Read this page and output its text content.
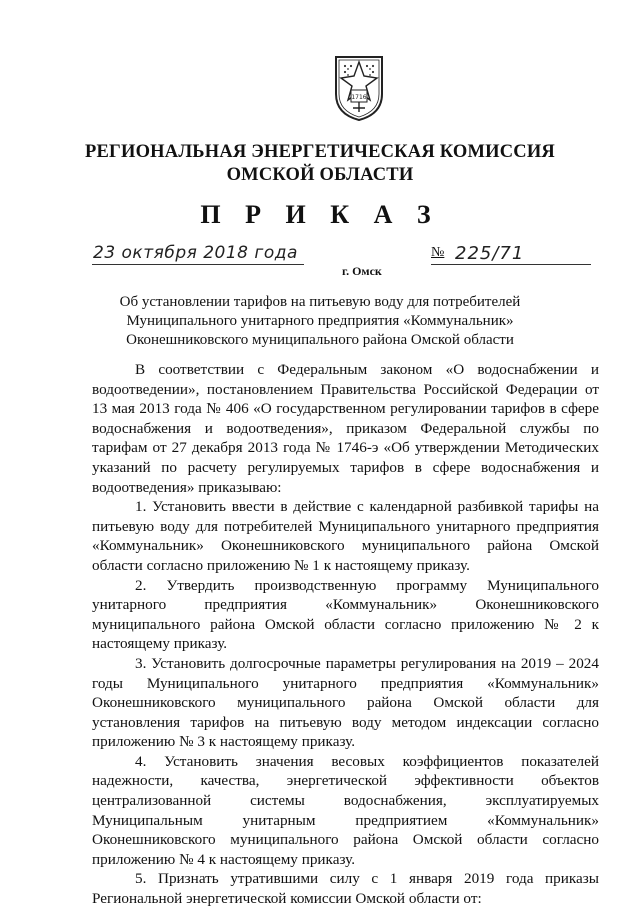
1716
РЕГИОНАЛЬНАЯ ЭНЕРГЕТИЧЕСКАЯ КОМИССИЯ
ОМСКОЙ ОБЛАСТИ
П Р И К А З
23 октября 2018 года	№ 225/71
г. Омск
Об установлении тарифов на питьевую воду для потребителей
Муниципального унитарного предприятия «Коммунальник»
Оконешниковского муниципального района Омской области

В соответствии с Федеральным законом «О водоснабжении и водоотведении», постановлением Правительства Российской Федерации от 13 мая 2013 года № 406 «О государственном регулировании тарифов в сфере водоснабжения и водоотведения», приказом Федеральной службы по тарифам от 27 декабря 2013 года № 1746-э «Об утверждении Методических указаний по расчету регулируемых тарифов в сфере водоснабжения и водоотведения» приказываю:

1. Установить ввести в действие с календарной разбивкой тарифы на питьевую воду для потребителей Муниципального унитарного предприятия «Коммунальник» Оконешниковского муниципального района Омской области согласно приложению № 1 к настоящему приказу.

2. Утвердить производственную программу Муниципального унитарного предприятия «Коммунальник» Оконешниковского муниципального района Омской области согласно приложению № 2 к настоящему приказу.

3. Установить долгосрочные параметры регулирования на 2019 – 2024 годы Муниципального унитарного предприятия «Коммунальник» Оконешниковского муниципального района Омской области для установления тарифов на питьевую воду методом индексации согласно приложению № 3 к настоящему приказу.

4. Установить значения весовых коэффициентов показателей надежности, качества, энергетической эффективности объектов централизованной системы водоснабжения, эксплуатируемых Муниципальным унитарным предприятием «Коммунальник» Оконешниковского муниципального района Омской области согласно приложению № 4 к настоящему приказу.

5. Признать утратившими силу с 1 января 2019 года приказы Региональной энергетической комиссии Омской области от:
